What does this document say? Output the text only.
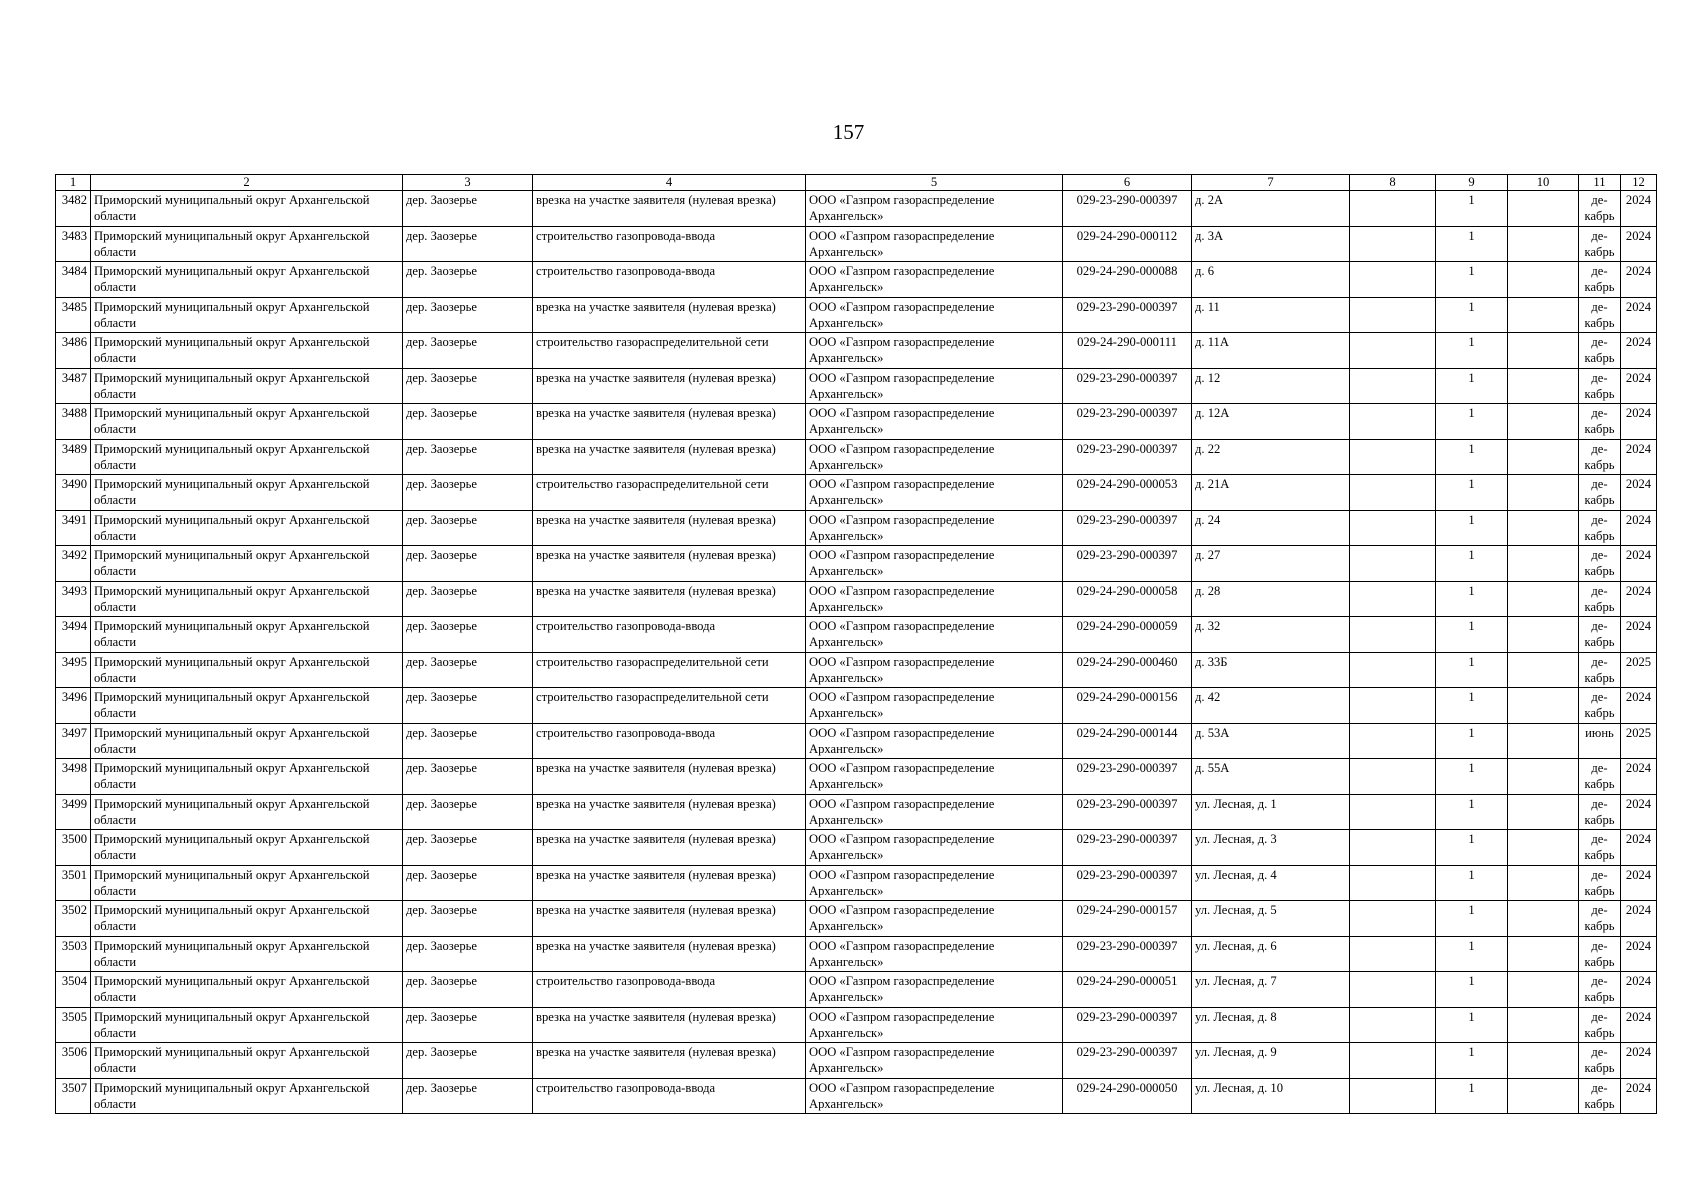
157
1	2	3	4	5	6	7	8	9	10	11	12
3482	Приморский муниципальный округ Архангельской области	дер. Заозерье	врезка на участке заявителя (нулевая врезка)	ООО «Газпром газораспределение Архангельск»	029-23-290-000397	д. 2А		1		де-кабрь	2024
3483	Приморский муниципальный округ Архангельской области	дер. Заозерье	строительство газопровода-ввода	ООО «Газпром газораспределение Архангельск»	029-24-290-000112	д. 3А		1		де-кабрь	2024
3484	Приморский муниципальный округ Архангельской области	дер. Заозерье	строительство газопровода-ввода	ООО «Газпром газораспределение Архангельск»	029-24-290-000088	д. 6		1		де-кабрь	2024
3485	Приморский муниципальный округ Архангельской области	дер. Заозерье	врезка на участке заявителя (нулевая врезка)	ООО «Газпром газораспределение Архангельск»	029-23-290-000397	д. 11		1		де-кабрь	2024
3486	Приморский муниципальный округ Архангельской области	дер. Заозерье	строительство газораспределительной сети	ООО «Газпром газораспределение Архангельск»	029-24-290-000111	д. 11А		1		де-кабрь	2024
3487	Приморский муниципальный округ Архангельской области	дер. Заозерье	врезка на участке заявителя (нулевая врезка)	ООО «Газпром газораспределение Архангельск»	029-23-290-000397	д. 12		1		де-кабрь	2024
3488	Приморский муниципальный округ Архангельской области	дер. Заозерье	врезка на участке заявителя (нулевая врезка)	ООО «Газпром газораспределение Архангельск»	029-23-290-000397	д. 12А		1		де-кабрь	2024
3489	Приморский муниципальный округ Архангельской области	дер. Заозерье	врезка на участке заявителя (нулевая врезка)	ООО «Газпром газораспределение Архангельск»	029-23-290-000397	д. 22		1		де-кабрь	2024
3490	Приморский муниципальный округ Архангельской области	дер. Заозерье	строительство газораспределительной сети	ООО «Газпром газораспределение Архангельск»	029-24-290-000053	д. 21А		1		де-кабрь	2024
3491	Приморский муниципальный округ Архангельской области	дер. Заозерье	врезка на участке заявителя (нулевая врезка)	ООО «Газпром газораспределение Архангельск»	029-23-290-000397	д. 24		1		де-кабрь	2024
3492	Приморский муниципальный округ Архангельской области	дер. Заозерье	врезка на участке заявителя (нулевая врезка)	ООО «Газпром газораспределение Архангельск»	029-23-290-000397	д. 27		1		де-кабрь	2024
3493	Приморский муниципальный округ Архангельской области	дер. Заозерье	врезка на участке заявителя (нулевая врезка)	ООО «Газпром газораспределение Архангельск»	029-24-290-000058	д. 28		1		де-кабрь	2024
3494	Приморский муниципальный округ Архангельской области	дер. Заозерье	строительство газопровода-ввода	ООО «Газпром газораспределение Архангельск»	029-24-290-000059	д. 32		1		де-кабрь	2024
3495	Приморский муниципальный округ Архангельской области	дер. Заозерье	строительство газораспределительной сети	ООО «Газпром газораспределение Архангельск»	029-24-290-000460	д. 33Б		1		де-кабрь	2025
3496	Приморский муниципальный округ Архангельской области	дер. Заозерье	строительство газораспределительной сети	ООО «Газпром газораспределение Архангельск»	029-24-290-000156	д. 42		1		де-кабрь	2024
3497	Приморский муниципальный округ Архангельской области	дер. Заозерье	строительство газопровода-ввода	ООО «Газпром газораспределение Архангельск»	029-24-290-000144	д. 53А		1		июнь	2025
3498	Приморский муниципальный округ Архангельской области	дер. Заозерье	врезка на участке заявителя (нулевая врезка)	ООО «Газпром газораспределение Архангельск»	029-23-290-000397	д. 55А		1		де-кабрь	2024
3499	Приморский муниципальный округ Архангельской области	дер. Заозерье	врезка на участке заявителя (нулевая врезка)	ООО «Газпром газораспределение Архангельск»	029-23-290-000397	ул. Лесная, д. 1		1		де-кабрь	2024
3500	Приморский муниципальный округ Архангельской области	дер. Заозерье	врезка на участке заявителя (нулевая врезка)	ООО «Газпром газораспределение Архангельск»	029-23-290-000397	ул. Лесная, д. 3		1		де-кабрь	2024
3501	Приморский муниципальный округ Архангельской области	дер. Заозерье	врезка на участке заявителя (нулевая врезка)	ООО «Газпром газораспределение Архангельск»	029-23-290-000397	ул. Лесная, д. 4		1		де-кабрь	2024
3502	Приморский муниципальный округ Архангельской области	дер. Заозерье	врезка на участке заявителя (нулевая врезка)	ООО «Газпром газораспределение Архангельск»	029-24-290-000157	ул. Лесная, д. 5		1		де-кабрь	2024
3503	Приморский муниципальный округ Архангельской области	дер. Заозерье	врезка на участке заявителя (нулевая врезка)	ООО «Газпром газораспределение Архангельск»	029-23-290-000397	ул. Лесная, д. 6		1		де-кабрь	2024
3504	Приморский муниципальный округ Архангельской области	дер. Заозерье	строительство газопровода-ввода	ООО «Газпром газораспределение Архангельск»	029-24-290-000051	ул. Лесная, д. 7		1		де-кабрь	2024
3505	Приморский муниципальный округ Архангельской области	дер. Заозерье	врезка на участке заявителя (нулевая врезка)	ООО «Газпром газораспределение Архангельск»	029-23-290-000397	ул. Лесная, д. 8		1		де-кабрь	2024
3506	Приморский муниципальный округ Архангельской области	дер. Заозерье	врезка на участке заявителя (нулевая врезка)	ООО «Газпром газораспределение Архангельск»	029-23-290-000397	ул. Лесная, д. 9		1		де-кабрь	2024
3507	Приморский муниципальный округ Архангельской области	дер. Заозерье	строительство газопровода-ввода	ООО «Газпром газораспределение Архангельск»	029-24-290-000050	ул. Лесная, д. 10		1		де-кабрь	2024
